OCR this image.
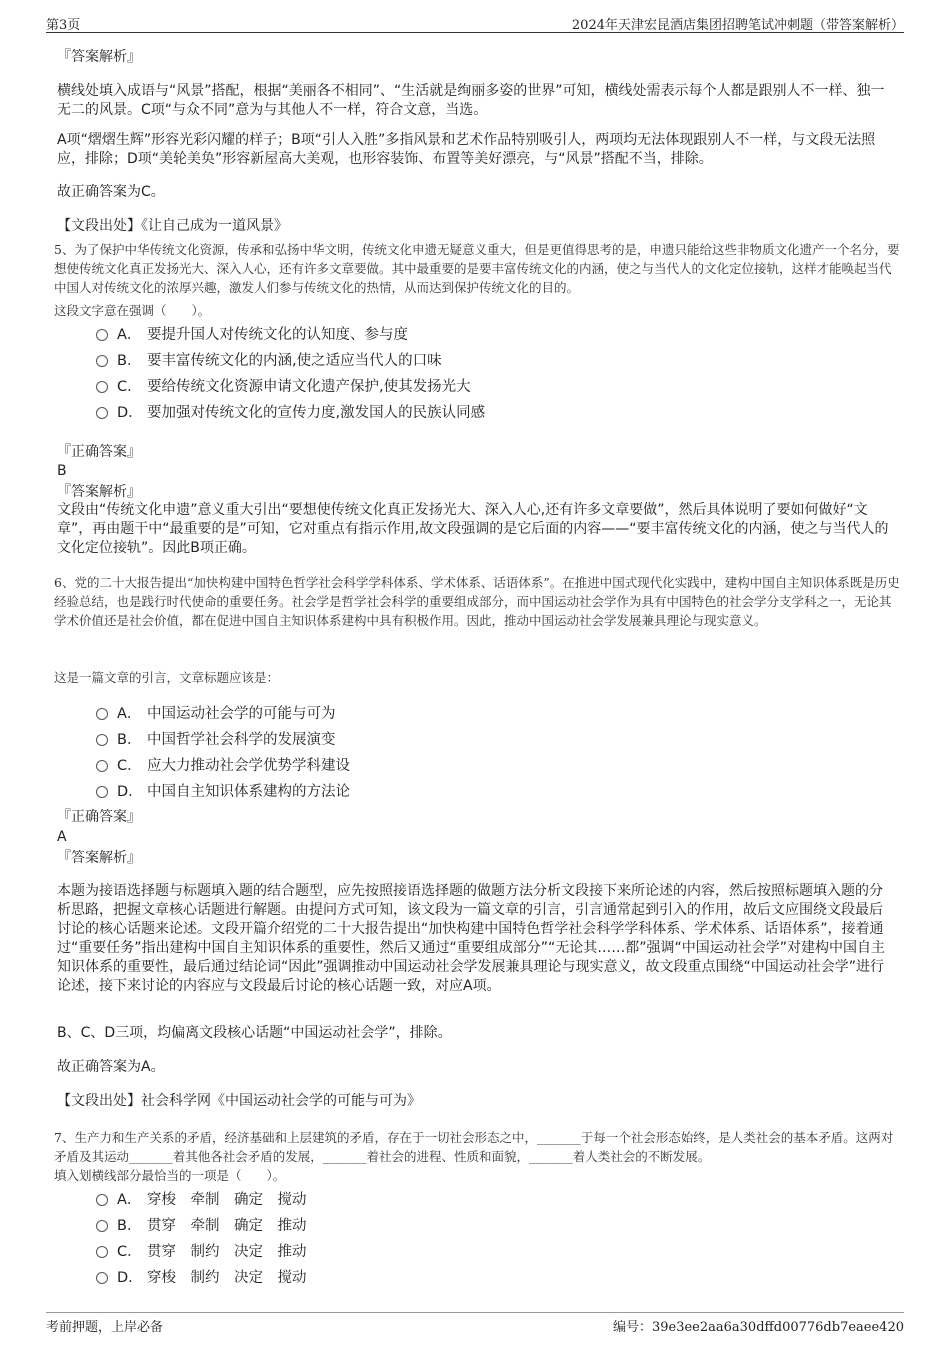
第3页	2024年天津宏昆酒店集团招聘笔试冲刺题（带答案解析）

『答案解析』

横线处填入成语与“风景”搭配，根据“美丽各不相同”、“生活就是绚丽多姿的世界”可知，横线处需表示每个人都是跟别人不一样、独一无二的风景。C项“与众不同”意为与其他人不一样，符合文意，当选。

A项“熠熠生辉”形容光彩闪耀的样子；B项“引人入胜”多指风景和艺术作品特别吸引人，两项均无法体现跟别人不一样，与文段无法照应，排除；D项“美轮美奂”形容新屋高大美观，也形容装饰、布置等美好漂亮，与“风景”搭配不当，排除。

故正确答案为C。

【文段出处】《让自己成为一道风景》

5、为了保护中华传统文化资源，传承和弘扬中华文明，传统文化申遗无疑意义重大，但是更值得思考的是，申遗只能给这些非物质文化遗产一个名分，要想使传统文化真正发扬光大、深入人心，还有许多文章要做。其中最重要的是要丰富传统文化的内涵，使之与当代人的文化定位接轨，这样才能唤起当代中国人对传统文化的浓厚兴趣，激发人们参与传统文化的热情，从而达到保护传统文化的目的。

这段文字意在强调（　　）。

A． 要提升国人对传统文化的认知度、参与度
B． 要丰富传统文化的内涵,使之适应当代人的口味
C． 要给传统文化资源申请文化遗产保护,使其发扬光大
D． 要加强对传统文化的宣传力度,激发国人的民族认同感

『正确答案』

B

『答案解析』

文段由“传统文化申遗”意义重大引出“要想使传统文化真正发扬光大、深入人心,还有许多文章要做”，然后具体说明了要如何做好“文章”，再由题干中“最重要的是”可知，它对重点有指示作用,故文段强调的是它后面的内容——“要丰富传统文化的内涵，使之与当代人的文化定位接轨”。因此B项正确。

6、党的二十大报告提出“加快构建中国特色哲学社会科学学科体系、学术体系、话语体系”。在推进中国式现代化实践中，建构中国自主知识体系既是历史经验总结，也是践行时代使命的重要任务。社会学是哲学社会科学的重要组成部分，而中国运动社会学作为具有中国特色的社会学分支学科之一，无论其学术价值还是社会价值，都在促进中国自主知识体系建构中具有积极作用。因此，推动中国运动社会学发展兼具理论与现实意义。

这是一篇文章的引言，文章标题应该是：

A． 中国运动社会学的可能与可为
B． 中国哲学社会科学的发展演变
C． 应大力推动社会学优势学科建设
D． 中国自主知识体系建构的方法论

『正确答案』

A

『答案解析』

本题为接语选择题与标题填入题的结合题型，应先按照接语选择题的做题方法分析文段接下来所论述的内容，然后按照标题填入题的分析思路，把握文章核心话题进行解题。由提问方式可知，该文段为一篇文章的引言，引言通常起到引入的作用，故后文应围绕文段最后讨论的核心话题来论述。文段开篇介绍党的二十大报告提出“加快构建中国特色哲学社会科学学科体系、学术体系、话语体系”，接着通过“重要任务”指出建构中国自主知识体系的重要性，然后又通过“重要组成部分”“无论其……都”强调“中国运动社会学”对建构中国自主知识体系的重要性，最后通过结论词“因此”强调推动中国运动社会学发展兼具理论与现实意义，故文段重点围绕“中国运动社会学”进行论述，接下来讨论的内容应与文段最后讨论的核心话题一致，对应A项。

B、C、D三项，均偏离文段核心话题“中国运动社会学”，排除。

故正确答案为A。

【文段出处】社会科学网《中国运动社会学的可能与可为》

7、生产力和生产关系的矛盾，经济基础和上层建筑的矛盾，存在于一切社会形态之中，_______于每一个社会形态始终，是人类社会的基本矛盾。这两对矛盾及其运动_______着其他各社会矛盾的发展，_______着社会的进程、性质和面貌，_______着人类社会的不断发展。

填入划横线部分最恰当的一项是（　　）。

A． 穿梭　牵制　确定　搅动
B． 贯穿　牵制　确定　推动
C． 贯穿　制约　决定　推动
D． 穿梭　制约　决定　搅动
考前押题，上岸必备	编号：39e3ee2aa6a30dffd00776db7eaee420
